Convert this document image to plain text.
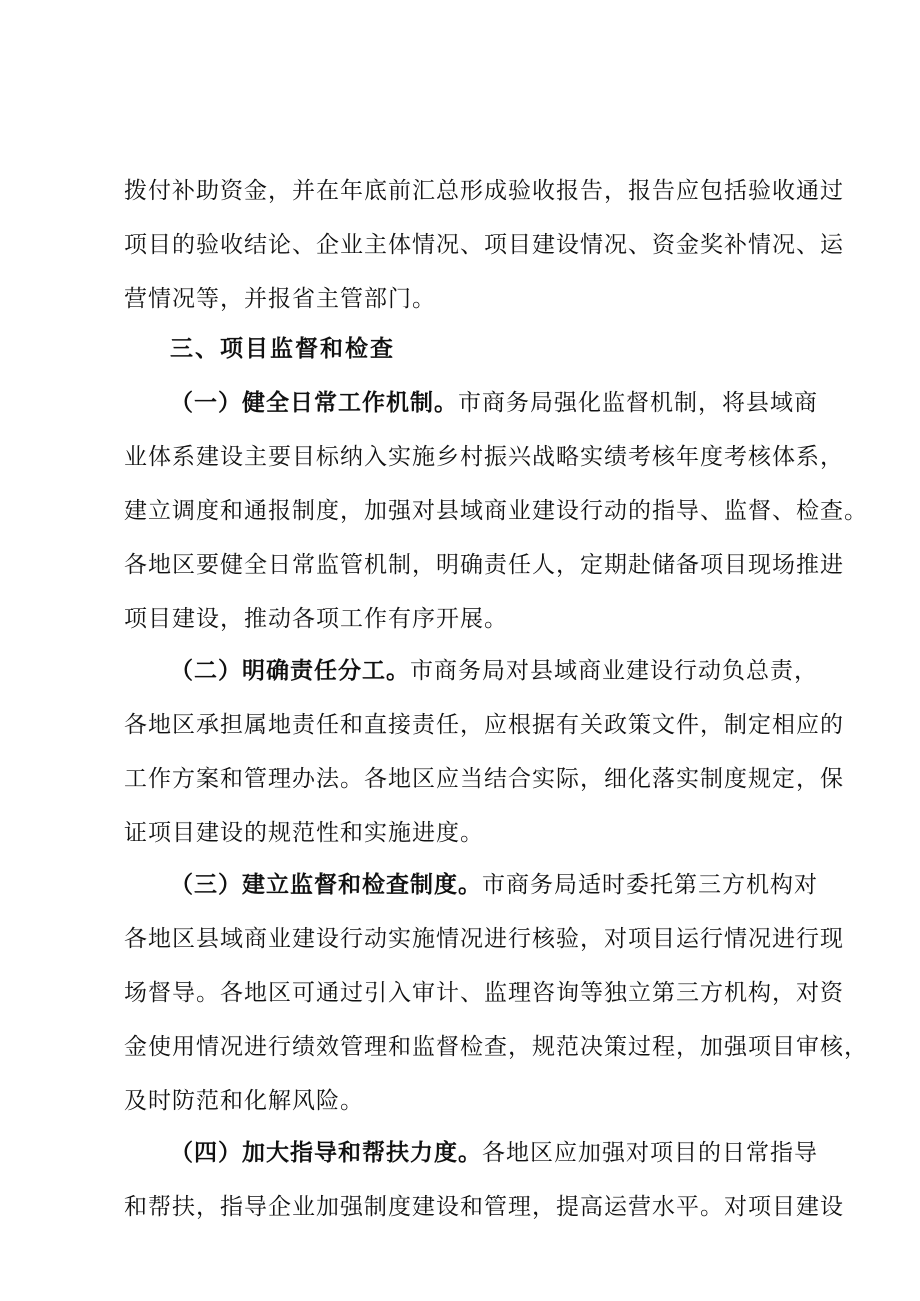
拨付补助资金，并在年底前汇总形成验收报告，报告应包括验收通过
项目的验收结论、企业主体情况、项目建设情况、资金奖补情况、运
营情况等，并报省主管部门。
三、项目监督和检查
（一）健全日常工作机制。市商务局强化监督机制，将县域商
业体系建设主要目标纳入实施乡村振兴战略实绩考核年度考核体系，
建立调度和通报制度，加强对县域商业建设行动的指导、监督、检查。
各地区要健全日常监管机制，明确责任人，定期赴储备项目现场推进
项目建设，推动各项工作有序开展。
（二）明确责任分工。市商务局对县域商业建设行动负总责，
各地区承担属地责任和直接责任，应根据有关政策文件，制定相应的
工作方案和管理办法。各地区应当结合实际，细化落实制度规定，保
证项目建设的规范性和实施进度。
（三）建立监督和检查制度。市商务局适时委托第三方机构对
各地区县域商业建设行动实施情况进行核验，对项目运行情况进行现
场督导。各地区可通过引入审计、监理咨询等独立第三方机构，对资
金使用情况进行绩效管理和监督检查，规范决策过程，加强项目审核，
及时防范和化解风险。
（四）加大指导和帮扶力度。各地区应加强对项目的日常指导
和帮扶，指导企业加强制度建设和管理，提高运营水平。对项目建设
